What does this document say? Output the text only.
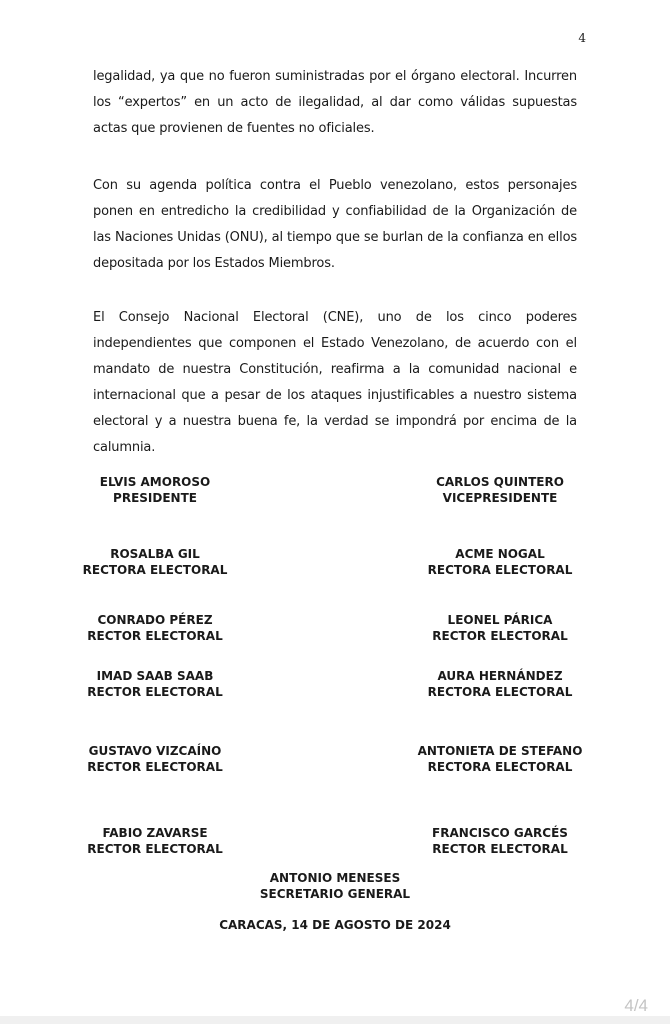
4

legalidad, ya que no fueron suministradas por el órgano electoral. Incurren los “expertos” en un acto de ilegalidad, al dar como válidas supuestas actas que provienen de fuentes no oficiales.

Con su agenda política contra el Pueblo venezolano, estos personajes ponen en entredicho la credibilidad y confiabilidad de la Organización de las Naciones Unidas (ONU), al tiempo que se burlan de la confianza en ellos depositada por los Estados Miembros.

El Consejo Nacional Electoral (CNE), uno de los cinco poderes independientes que componen el Estado Venezolano, de acuerdo con el mandato de nuestra Constitución, reafirma a la comunidad nacional e internacional que a pesar de los ataques injustificables a nuestro sistema electoral y a nuestra buena fe, la verdad se impondrá por encima de la calumnia.

ELVIS AMOROSO
PRESIDENTE
ROSALBA GIL
RECTORA ELECTORAL
CONRADO PÉREZ
RECTOR ELECTORAL
IMAD SAAB SAAB
RECTOR ELECTORAL
GUSTAVO VIZCAÍNO
RECTOR ELECTORAL
FABIO ZAVARSE
RECTOR ELECTORAL
CARLOS QUINTERO
VICEPRESIDENTE
ACME NOGAL
RECTORA ELECTORAL
LEONEL PÁRICA
RECTOR ELECTORAL
AURA HERNÁNDEZ
RECTORA ELECTORAL
ANTONIETA DE STEFANO
RECTORA ELECTORAL
FRANCISCO GARCÉS
RECTOR ELECTORAL
ANTONIO MENESES
SECRETARIO GENERAL
CARACAS, 14 DE AGOSTO DE 2024
4/4
